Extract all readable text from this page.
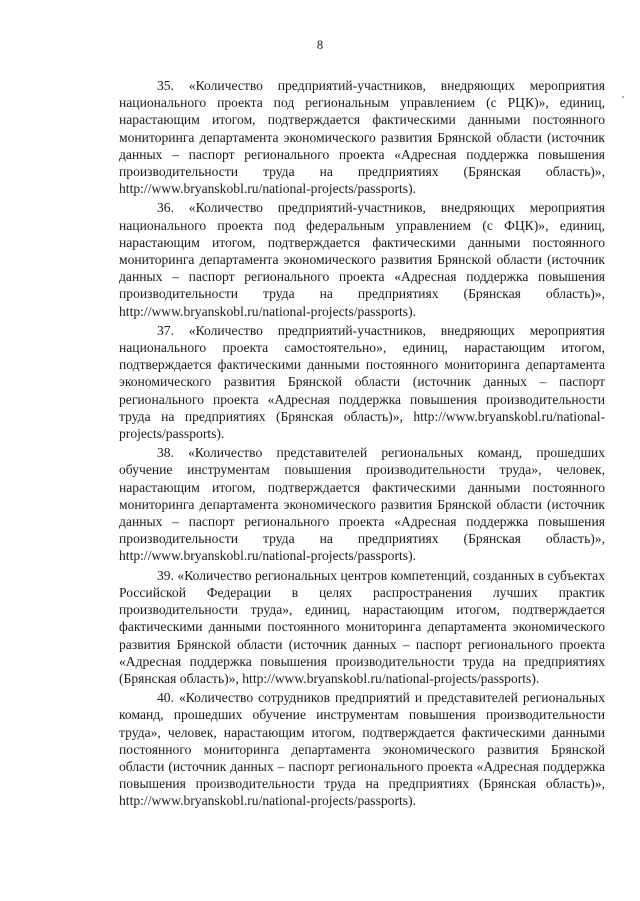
8

35. «Количество предприятий-участников, внедряющих мероприятия национального проекта под региональным управлением (с РЦК)», единиц, нарастающим итогом, подтверждается фактическими данными постоянного мониторинга департамента экономического развития Брянской области (источник данных – паспорт регионального проекта «Адресная поддержка повышения производительности труда на предприятиях (Брянская область)», http://www.bryanskobl.ru/national-projects/passports).

36. «Количество предприятий-участников, внедряющих мероприятия национального проекта под федеральным управлением (с ФЦК)», единиц, нарастающим итогом, подтверждается фактическими данными постоянного мониторинга департамента экономического развития Брянской области (источник данных – паспорт регионального проекта «Адресная поддержка повышения производительности труда на предприятиях (Брянская область)», http://www.bryanskobl.ru/national-projects/passports).

37. «Количество предприятий-участников, внедряющих мероприятия национального проекта самостоятельно», единиц, нарастающим итогом, подтверждается фактическими данными постоянного мониторинга департамента экономического развития Брянской области (источник данных – паспорт регионального проекта «Адресная поддержка повышения производительности труда на предприятиях (Брянская область)», http://www.bryanskobl.ru/national-projects/passports).

38. «Количество представителей региональных команд, прошедших обучение инструментам повышения производительности труда», человек, нарастающим итогом, подтверждается фактическими данными постоянного мониторинга департамента экономического развития Брянской области (источник данных – паспорт регионального проекта «Адресная поддержка повышения производительности труда на предприятиях (Брянская область)», http://www.bryanskobl.ru/national-projects/passports).

39. «Количество региональных центров компетенций, созданных в субъектах Российской Федерации в целях распространения лучших практик производительности труда», единиц, нарастающим итогом, подтверждается фактическими данными постоянного мониторинга департамента экономического развития Брянской области (источник данных – паспорт регионального проекта «Адресная поддержка повышения производительности труда на предприятиях (Брянская область)», http://www.bryanskobl.ru/national-projects/passports).

40. «Количество сотрудников предприятий и представителей региональных команд, прошедших обучение инструментам повышения производительности труда», человек, нарастающим итогом, подтверждается фактическими данными постоянного мониторинга департамента экономического развития Брянской области (источник данных – паспорт регионального проекта «Адресная поддержка повышения производительности труда на предприятиях (Брянская область)», http://www.bryanskobl.ru/national-projects/passports).
